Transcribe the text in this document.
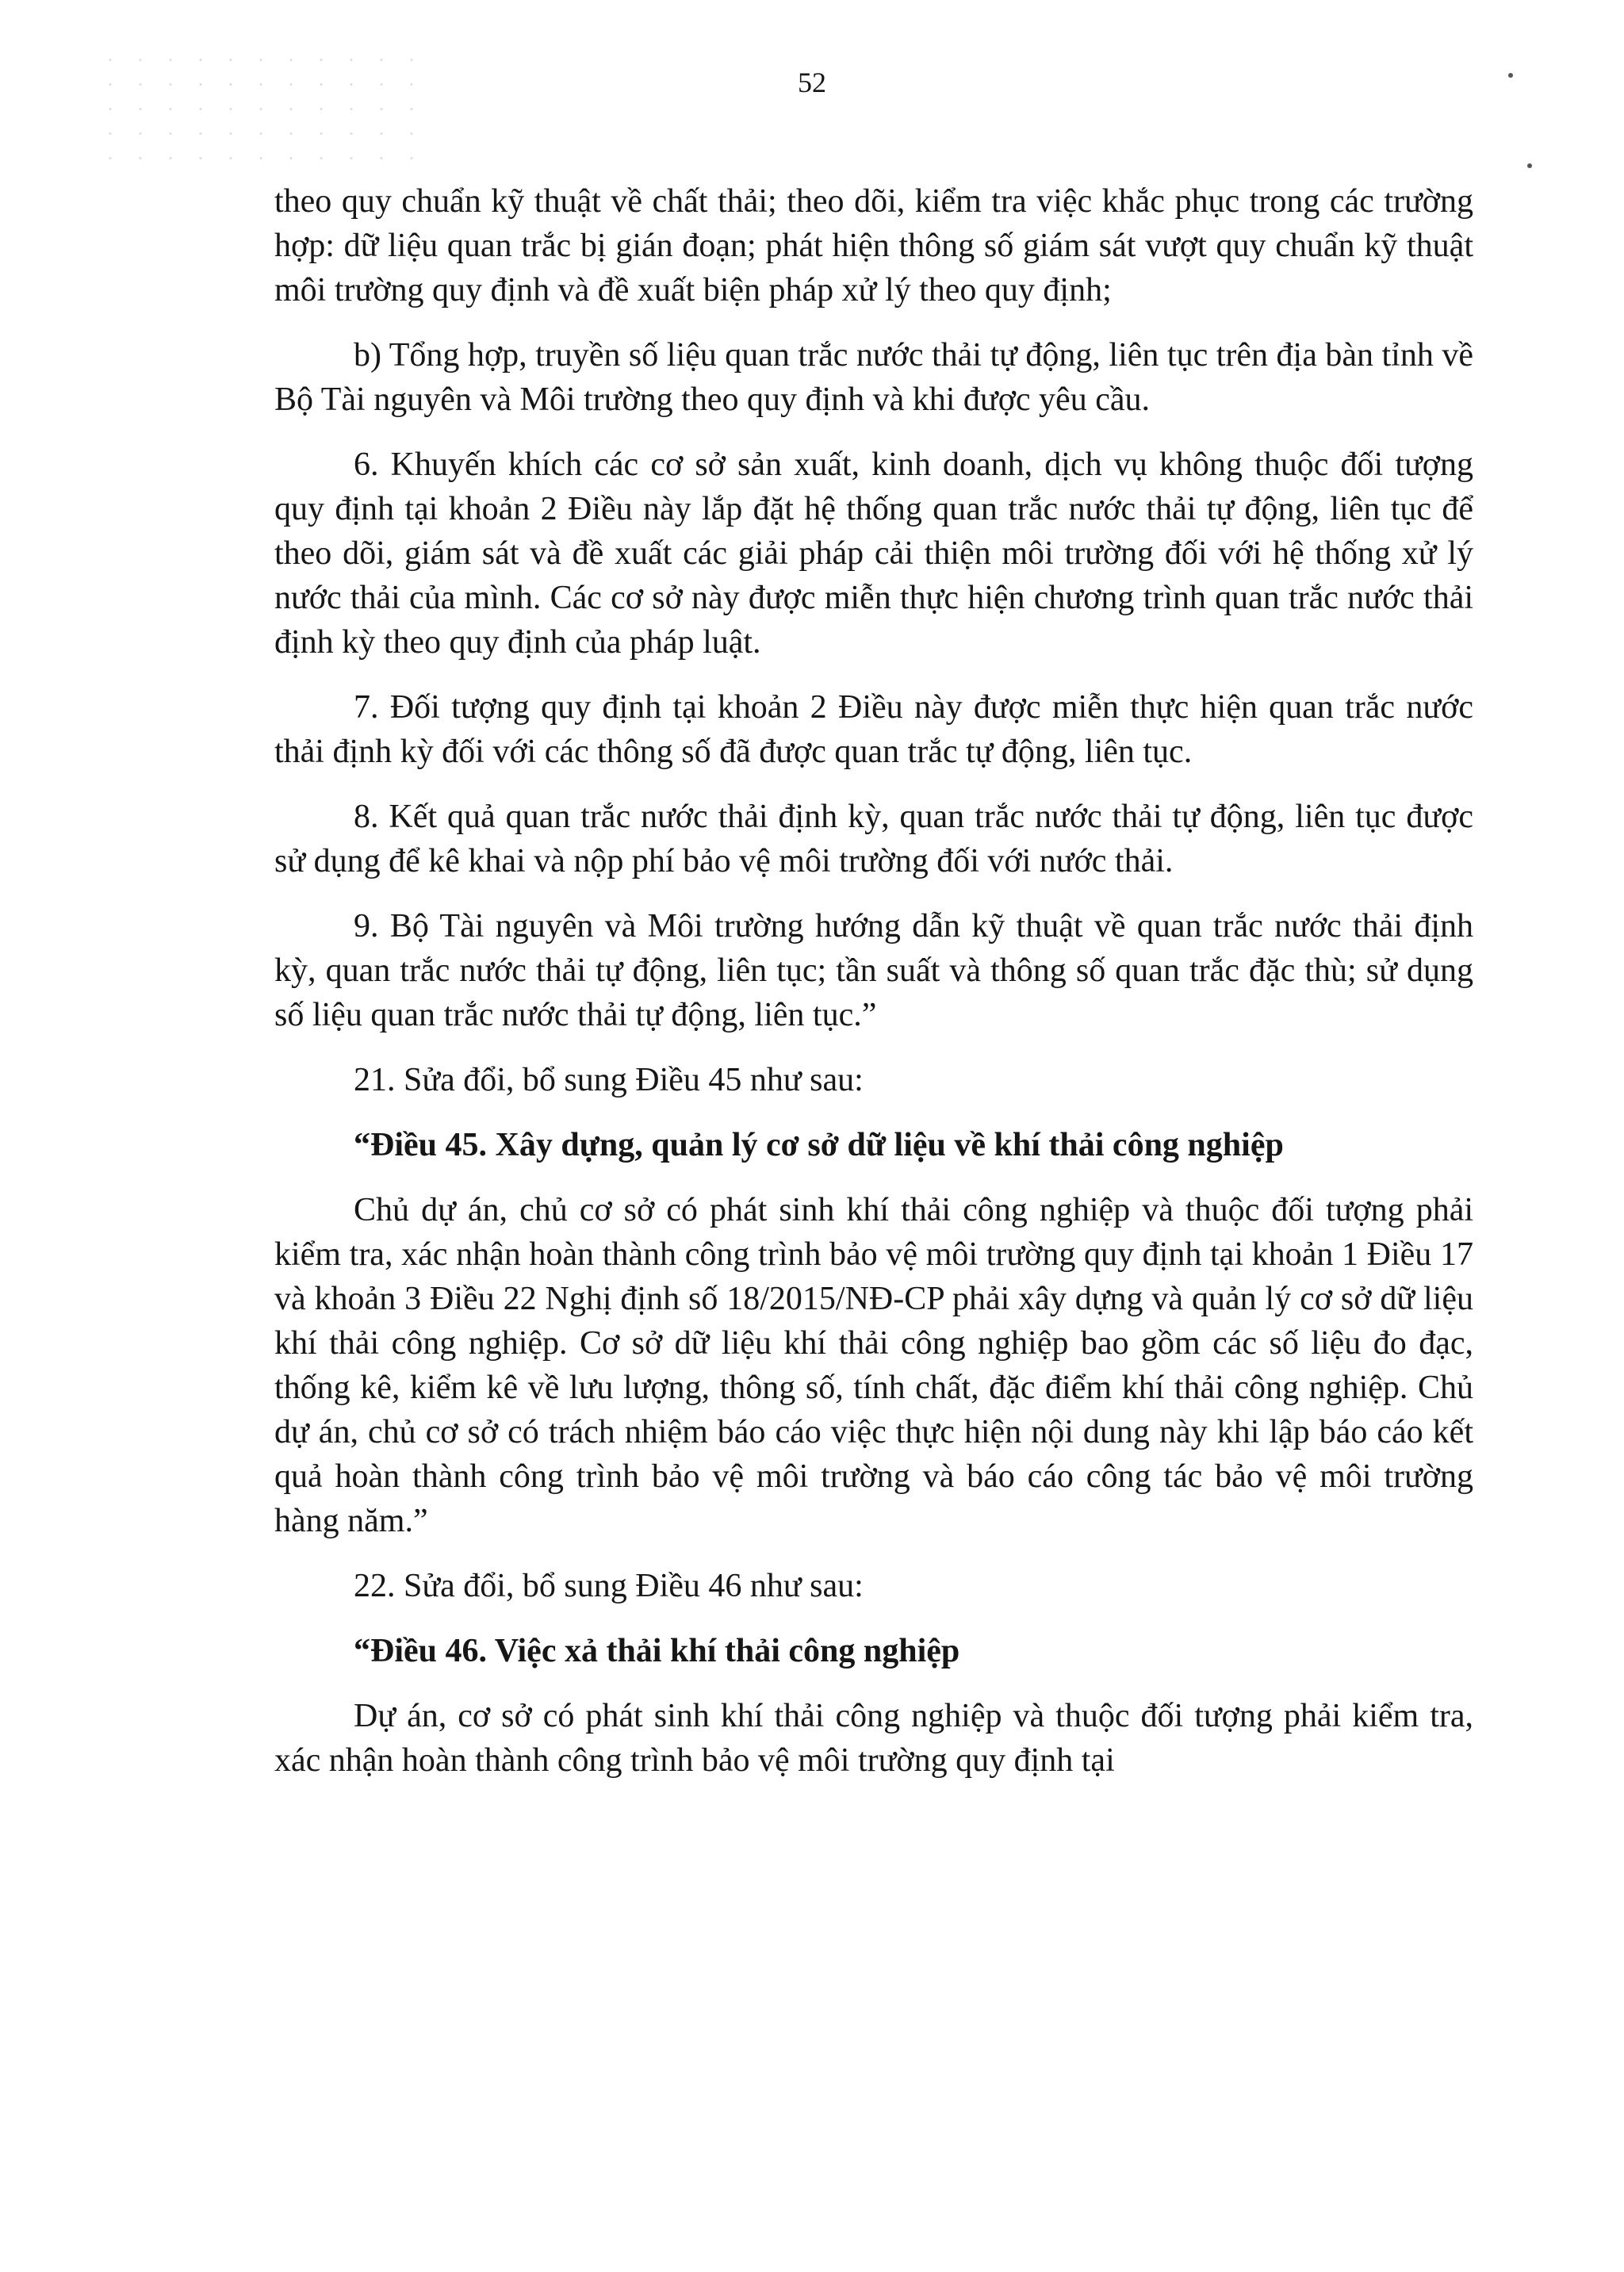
52

theo quy chuẩn kỹ thuật về chất thải; theo dõi, kiểm tra việc khắc phục trong các trường hợp: dữ liệu quan trắc bị gián đoạn; phát hiện thông số giám sát vượt quy chuẩn kỹ thuật môi trường quy định và đề xuất biện pháp xử lý theo quy định;

b) Tổng hợp, truyền số liệu quan trắc nước thải tự động, liên tục trên địa bàn tỉnh về Bộ Tài nguyên và Môi trường theo quy định và khi được yêu cầu.

6. Khuyến khích các cơ sở sản xuất, kinh doanh, dịch vụ không thuộc đối tượng quy định tại khoản 2 Điều này lắp đặt hệ thống quan trắc nước thải tự động, liên tục để theo dõi, giám sát và đề xuất các giải pháp cải thiện môi trường đối với hệ thống xử lý nước thải của mình. Các cơ sở này được miễn thực hiện chương trình quan trắc nước thải định kỳ theo quy định của pháp luật.

7. Đối tượng quy định tại khoản 2 Điều này được miễn thực hiện quan trắc nước thải định kỳ đối với các thông số đã được quan trắc tự động, liên tục.

8. Kết quả quan trắc nước thải định kỳ, quan trắc nước thải tự động, liên tục được sử dụng để kê khai và nộp phí bảo vệ môi trường đối với nước thải.

9. Bộ Tài nguyên và Môi trường hướng dẫn kỹ thuật về quan trắc nước thải định kỳ, quan trắc nước thải tự động, liên tục; tần suất và thông số quan trắc đặc thù; sử dụng số liệu quan trắc nước thải tự động, liên tục.”

21. Sửa đổi, bổ sung Điều 45 như sau:

“Điều 45. Xây dựng, quản lý cơ sở dữ liệu về khí thải công nghiệp

Chủ dự án, chủ cơ sở có phát sinh khí thải công nghiệp và thuộc đối tượng phải kiểm tra, xác nhận hoàn thành công trình bảo vệ môi trường quy định tại khoản 1 Điều 17 và khoản 3 Điều 22 Nghị định số 18/2015/NĐ-CP phải xây dựng và quản lý cơ sở dữ liệu khí thải công nghiệp. Cơ sở dữ liệu khí thải công nghiệp bao gồm các số liệu đo đạc, thống kê, kiểm kê về lưu lượng, thông số, tính chất, đặc điểm khí thải công nghiệp. Chủ dự án, chủ cơ sở có trách nhiệm báo cáo việc thực hiện nội dung này khi lập báo cáo kết quả hoàn thành công trình bảo vệ môi trường và báo cáo công tác bảo vệ môi trường hàng năm.”

22. Sửa đổi, bổ sung Điều 46 như sau:

“Điều 46. Việc xả thải khí thải công nghiệp

Dự án, cơ sở có phát sinh khí thải công nghiệp và thuộc đối tượng phải kiểm tra, xác nhận hoàn thành công trình bảo vệ môi trường quy định tại
